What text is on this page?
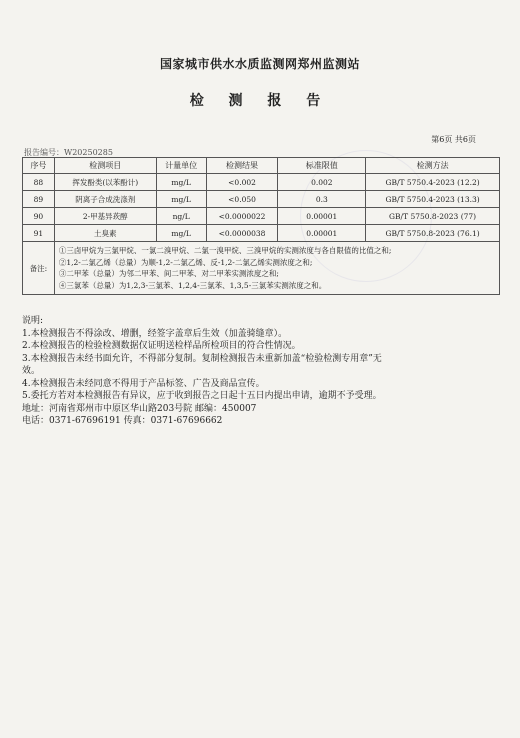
国家城市供水水质监测网郑州监测站
检 测 报 告
第6页 共6页
报告编号：W20250285
序号	检测项目	计量单位	检测结果	标准限值	检测方法
88	挥发酚类(以苯酚计)	mg/L	<0.002	0.002	GB/T 5750.4-2023 (12.2)
89	阴离子合成洗涤剂	mg/L	<0.050	0.3	GB/T 5750.4-2023 (13.3)
90	2-甲基异莰醇	ng/L	<0.0000022	0.00001	GB/T 5750.8-2023 (77)
91	土臭素	mg/L	<0.0000038	0.00001	GB/T 5750.8-2023 (76.1)
备注:	①三卤甲烷为三氯甲烷、一氯二溴甲烷、二氯一溴甲烷、三溴甲烷的实测浓度与各自限值的比值之和;
②1,2-二氯乙烯（总量）为顺-1,2-二氯乙烯、反-1,2-二氯乙烯实测浓度之和;
③二甲苯（总量）为邻二甲苯、间二甲苯、对二甲苯实测浓度之和;
④三氯苯（总量）为1,2,3-三氯苯、1,2,4-三氯苯、1,3,5-三氯苯实测浓度之和。				
说明:
1.本检测报告不得涂改、增删，经签字盖章后生效（加盖骑缝章）。
2.本检测报告的检验检测数据仅证明送检样品所检项目的符合性情况。
3.本检测报告未经书面允许，不得部分复制。复制检测报告未重新加盖“检验检测专用章”无
效。
4.本检测报告未经同意不得用于产品标签、广告及商品宣传。
5.委托方若对本检测报告有异议，应于收到报告之日起十五日内提出申请，逾期不予受理。
地址：河南省郑州市中原区华山路203号院 邮编：450007
电话：0371-67696191 传真：0371-67696662
